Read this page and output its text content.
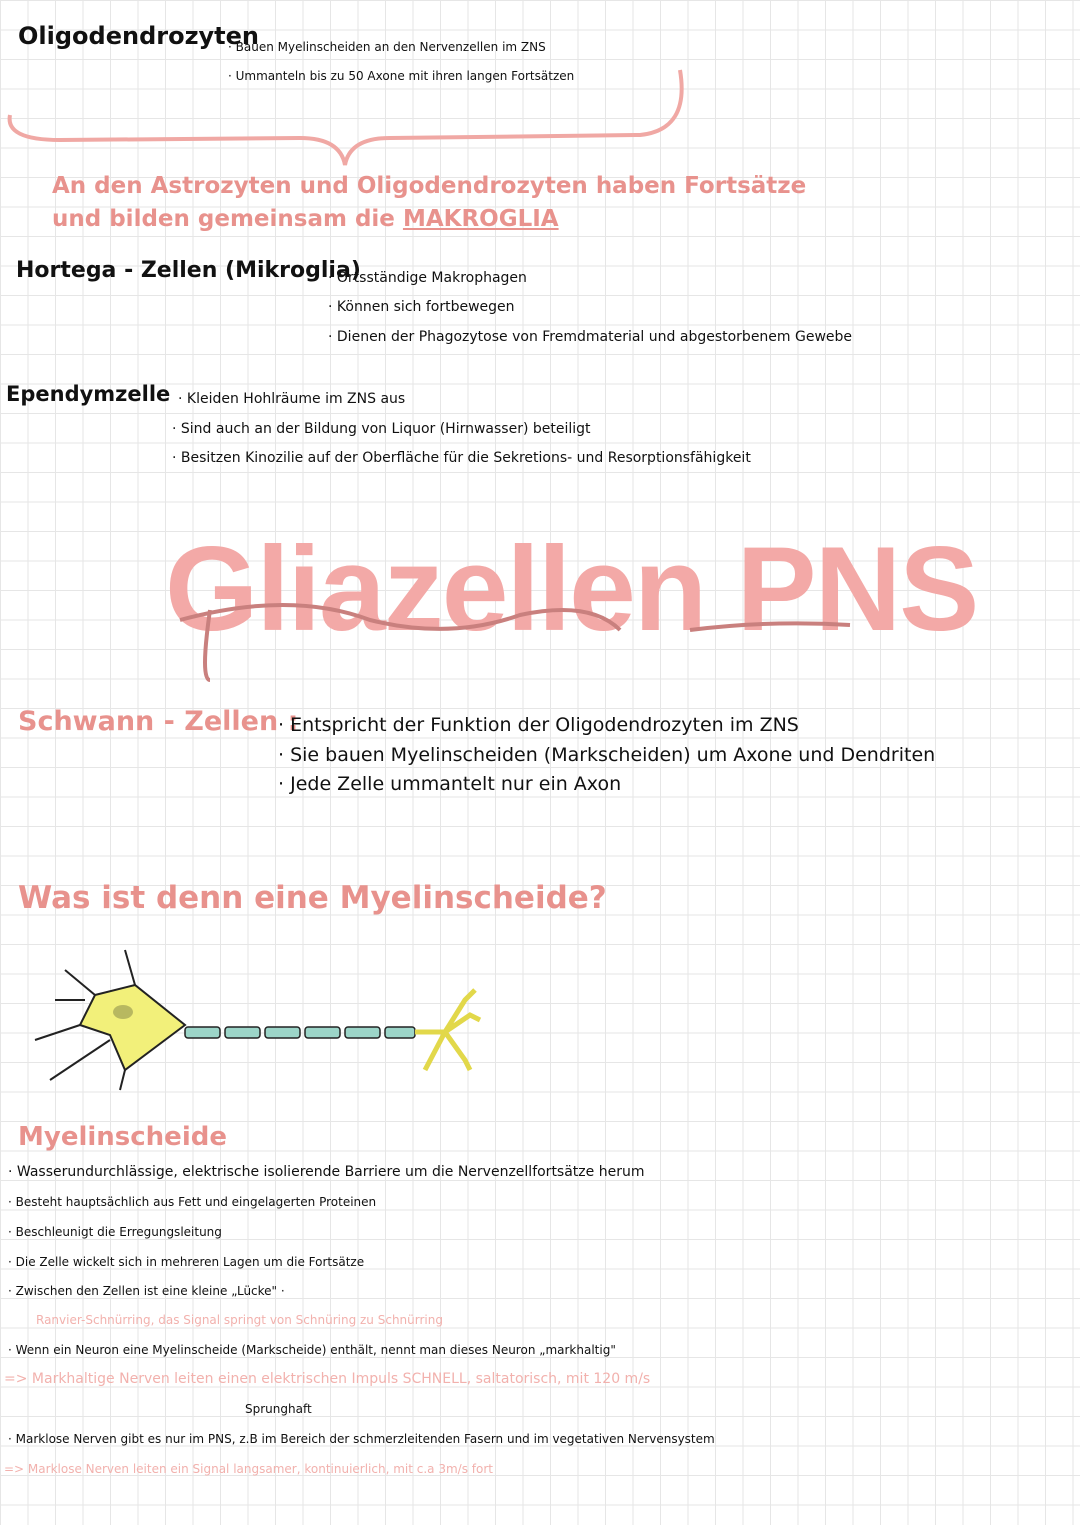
Oligodendrozyten
· Bauen Myelinscheiden an den Nervenzellen im ZNS
· Ummanteln bis zu 50 Axone mit ihren langen Fortsätzen
An den Astrozyten und Oligodendrozyten haben Fortsätze
und bilden gemeinsam die MAKROGLIA
Hortega - Zellen (Mikroglia)
· Ortsständige Makrophagen
· Können sich fortbewegen
· Dienen der Phagozytose von Fremdmaterial und abgestorbenem Gewebe
Ependymzelle	· Kleiden Hohlräume im ZNS aus
· Sind auch an der Bildung von Liquor (Hirnwasser) beteiligt
· Besitzen Kinozilie auf der Oberfläche für die Sekretions- und Resorptionsfähigkeit
Gliazellen PNS
Schwann - Zellen :
· Entspricht der Funktion der Oligodendrozyten im ZNS
· Sie bauen Myelinscheiden (Markscheiden) um Axone und Dendriten
· Jede Zelle ummantelt nur ein Axon
Was ist denn eine Myelinscheide?
Myelinscheide
· Wasserundurchlässige, elektrische isolierende Barriere um die Nervenzellfortsätze herum
· Besteht hauptsächlich aus Fett und eingelagerten Proteinen
· Beschleunigt die Erregungsleitung
· Die Zelle wickelt sich in mehreren Lagen um die Fortsätze
· Zwischen den Zellen ist eine kleine „Lücke" ·
Ranvier-Schnürring, das Signal springt von Schnüring zu Schnürring
· Wenn ein Neuron eine Myelinscheide (Markscheide) enthält, nennt man dieses Neuron „markhaltig"
=> Markhaltige Nerven leiten einen elektrischen Impuls SCHNELL, saltatorisch, mit 120 m/s
Sprunghaft
· Marklose Nerven gibt es nur im PNS, z.B im Bereich der schmerzleitenden Fasern und im vegetativen Nervensystem
=> Marklose Nerven leiten ein Signal langsamer, kontinuierlich, mit c.a 3m/s fort
